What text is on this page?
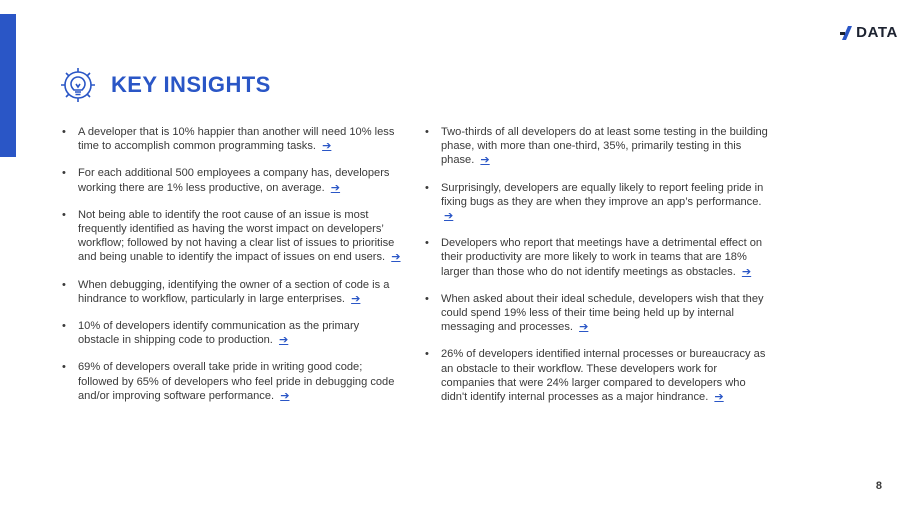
DATA
KEY INSIGHTS
• A developer that is 10% happier than another will need 10% less time to accomplish common programming tasks. ➔
• For each additional 500 employees a company has, developers working there are 1% less productive, on average. ➔
• Not being able to identify the root cause of an issue is most frequently identified as having the worst impact on developers’ workflow; followed by not having a clear list of issues to prioritise and being unable to identify the impact of issues on end users. ➔
• When debugging, identifying the owner of a section of code is a hindrance to workflow, particularly in large enterprises. ➔
• 10% of developers identify communication as the primary obstacle in shipping code to production. ➔
• 69% of developers overall take pride in writing good code; followed by 65% of developers who feel pride in debugging code and/or improving software performance. ➔
• Two-thirds of all developers do at least some testing in the building phase, with more than one-third, 35%, primarily testing in this phase. ➔
• Surprisingly, developers are equally likely to report feeling pride in fixing bugs as they are when they improve an app’s performance. ➔
• Developers who report that meetings have a detrimental effect on their productivity are more likely to work in teams that are 18% larger than those who do not identify meetings as obstacles. ➔
• When asked about their ideal schedule, developers wish that they could spend 19% less of their time being held up by internal messaging and processes. ➔
• 26% of developers identified internal processes or bureaucracy as an obstacle to their workflow. These developers work for companies that were 24% larger compared to developers who didn't identify internal processes as a major hindrance. ➔
8
